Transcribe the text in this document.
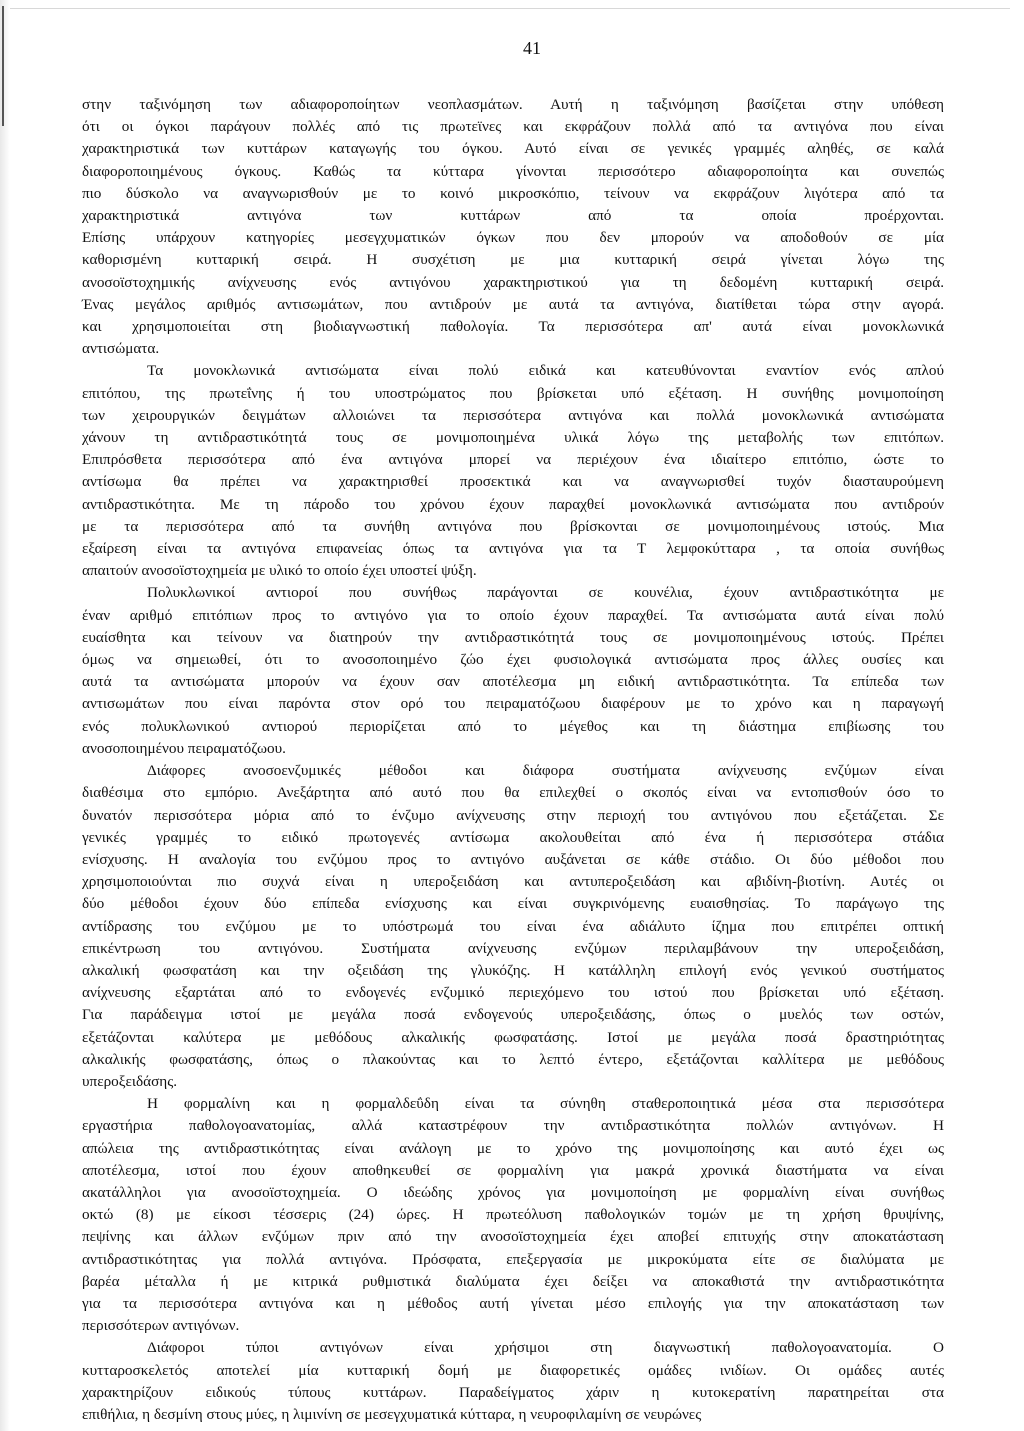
41
στην ταξινόμηση των αδιαφοροποίητων νεοπλασμάτων. Αυτή η ταξινόμηση βασίζεται στην υπόθεση
ότι οι όγκοι παράγουν πολλές από τις πρωτεϊνες και εκφράζουν πολλά από τα αντιγόνα που είναι
χαρακτηριστικά των κυττάρων καταγωγής του όγκου. Αυτό είναι σε γενικές γραμμές αληθές, σε καλά
διαφοροποιημένους όγκους. Καθώς τα κύτταρα γίνονται περισσότερο αδιαφοροποίητα και συνεπώς
πιο δύσκολο να αναγνωρισθούν με το κοινό μικροσκόπιο, τείνουν να εκφράζουν λιγότερα από τα
χαρακτηριστικά αντιγόνα των κυττάρων από τα οποία προέρχονται.
Επίσης υπάρχουν κατηγορίες μεσεγχυματικών όγκων που δεν μπορούν να αποδοθούν σε μία
καθορισμένη κυτταρική σειρά. Η συσχέτιση με μια κυτταρική σειρά γίνεται λόγω της
ανοσοϊστοχημικής ανίχνευσης ενός αντιγόνου χαρακτηριστικού για τη δεδομένη κυτταρική σειρά.
Ένας μεγάλος αριθμός αντισωμάτων, που αντιδρούν με αυτά τα αντιγόνα, διατίθεται τώρα στην αγορά.
και χρησιμοποιείται στη βιοδιαγνωστική παθολογία. Τα περισσότερα απ' αυτά είναι μονοκλωνικά
αντισώματα.
Τα μονοκλωνικά αντισώματα είναι πολύ ειδικά και κατευθύνονται εναντίον ενός απλού
επιτόπου, της πρωτεΐνης ή του υποστρώματος που βρίσκεται υπό εξέταση. Η συνήθης μονιμοποίηση
των χειρουργικών δειγμάτων αλλοιώνει τα περισσότερα αντιγόνα και πολλά μονοκλωνικά αντισώματα
χάνουν τη αντιδραστικότητά τους σε μονιμοποιημένα υλικά λόγω της μεταβολής των επιτόπων.
Επιπρόσθετα περισσότερα από ένα αντιγόνα μπορεί να περιέχουν ένα ιδιαίτερο επιτόπιο, ώστε το
αντίσωμα θα πρέπει να χαρακτηρισθεί προσεκτικά και να αναγνωρισθεί τυχόν διασταυρούμενη
αντιδραστικότητα. Με τη πάροδο του χρόνου έχουν παραχθεί μονοκλωνικά αντισώματα που αντιδρούν
με τα περισσότερα από τα συνήθη αντιγόνα που βρίσκονται σε μονιμοποιημένους ιστούς. Μια
εξαίρεση είναι τα αντιγόνα επιφανείας όπως τα αντιγόνα για τα Τ λεμφοκύτταρα , τα οποία συνήθως
απαιτούν ανοσοϊστοχημεία με υλικό το οποίο έχει υποστεί ψύξη.
Πολυκλωνικοί αντιοροί που συνήθως παράγονται σε κουνέλια, έχουν αντιδραστικότητα με
έναν αριθμό επιτόπιων προς το αντιγόνο για το οποίο έχουν παραχθεί. Τα αντισώματα αυτά είναι πολύ
ευαίσθητα και τείνουν να διατηρούν την αντιδραστικότητά τους σε μονιμοποιημένους ιστούς. Πρέπει
όμως να σημειωθεί, ότι το ανοσοποιημένο ζώο έχει φυσιολογικά αντισώματα προς άλλες ουσίες και
αυτά τα αντισώματα μπορούν να έχουν σαν αποτέλεσμα μη ειδική αντιδραστικότητα. Τα επίπεδα των
αντισωμάτων που είναι παρόντα στον ορό του πειραματόζωου διαφέρουν με το χρόνο και η παραγωγή
ενός πολυκλωνικού αντιορού περιορίζεται από το μέγεθος και τη διάστημα επιβίωσης του
ανοσοποιημένου πειραματόζωου.
Διάφορες ανοσοενζυμικές μέθοδοι και διάφορα συστήματα ανίχνευσης ενζύμων είναι
διαθέσιμα στο εμπόριο. Ανεξάρτητα από αυτό που θα επιλεχθεί ο σκοπός είναι να εντοπισθούν όσο το
δυνατόν περισσότερα μόρια από το ένζυμο ανίχνευσης στην περιοχή του αντιγόνου που εξετάζεται. Σε
γενικές γραμμές το ειδικό πρωτογενές αντίσωμα ακολουθείται από ένα ή περισσότερα στάδια
ενίσχυσης. Η αναλογία του ενζύμου προς το αντιγόνο αυξάνεται σε κάθε στάδιο. Οι δύο μέθοδοι που
χρησιμοποιούνται πιο συχνά είναι η υπεροξειδάση και αντυπεροξειδάση και αβιδίνη-βιοτίνη. Αυτές οι
δύο μέθοδοι έχουν δύο επίπεδα ενίσχυσης και είναι συγκρινόμενης ευαισθησίας. Το παράγωγο της
αντίδρασης του ενζύμου με το υπόστρωμά του είναι ένα αδιάλυτο ίζημα που επιτρέπει οπτική
επικέντρωση του αντιγόνου. Συστήματα ανίχνευσης ενζύμων περιλαμβάνουν την υπεροξειδάση,
αλκαλική φωσφατάση και την οξειδάση της γλυκόζης. Η κατάλληλη επιλογή ενός γενικού συστήματος
ανίχνευσης εξαρτάται από το ενδογενές ενζυμικό περιεχόμενο του ιστού που βρίσκεται υπό εξέταση.
Για παράδειγμα ιστοί με μεγάλα ποσά ενδογενούς υπεροξειδάσης, όπως ο μυελός των οστών,
εξετάζονται καλύτερα με μεθόδους αλκαλικής φωσφατάσης. Ιστοί με μεγάλα ποσά δραστηριότητας
αλκαλικής φωσφατάσης, όπως ο πλακούντας και το λεπτό έντερο, εξετάζονται καλλίτερα με μεθόδους
υπεροξειδάσης.
Η φορμαλίνη και η φορμαλδεΰδη είναι τα σύνηθη σταθεροποιητικά μέσα στα περισσότερα
εργαστήρια παθολογοανατομίας, αλλά καταστρέφουν την αντιδραστικότητα πολλών αντιγόνων. Η
απώλεια της αντιδραστικότητας είναι ανάλογη με το χρόνο της μονιμοποίησης και αυτό έχει ως
αποτέλεσμα, ιστοί που έχουν αποθηκευθεί σε φορμαλίνη για μακρά χρονικά διαστήματα να είναι
ακατάλληλοι για ανοσοϊστοχημεία. Ο ιδεώδης χρόνος για μονιμοποίηση με φορμαλίνη είναι συνήθως
οκτώ (8) με είκοσι τέσσερις (24) ώρες. Η πρωτεόλυση παθολογικών τομών με τη χρήση θρυψίνης,
πεψίνης και άλλων ενζύμων πριν από την ανοσοϊστοχημεία έχει αποβεί επιτυχής στην αποκατάσταση
αντιδραστικότητας για πολλά αντιγόνα. Πρόσφατα, επεξεργασία με μικροκύματα είτε σε διαλύματα με
βαρέα μέταλλα ή με κιτρικά ρυθμιστικά διαλύματα έχει δείξει να αποκαθιστά την αντιδραστικότητα
για τα περισσότερα αντιγόνα και η μέθοδος αυτή γίνεται μέσο επιλογής για την αποκατάσταση των
περισσότερων αντιγόνων.
Διάφοροι τύποι αντιγόνων είναι χρήσιμοι στη διαγνωστική παθολογοανατομία. Ο
κυτταροσκελετός αποτελεί μία κυτταρική δομή με διαφορετικές ομάδες ινιδίων. Οι ομάδες αυτές
χαρακτηρίζουν ειδικούς τύπους κυττάρων. Παραδείγματος χάριν η κυτοκερατίνη παρατηρείται στα
επιθήλια, η δεσμίνη στους μύες, η λιμινίνη σε μεσεγχυματικά κύτταρα, η νευροφιλαμίνη σε νευρώνες
